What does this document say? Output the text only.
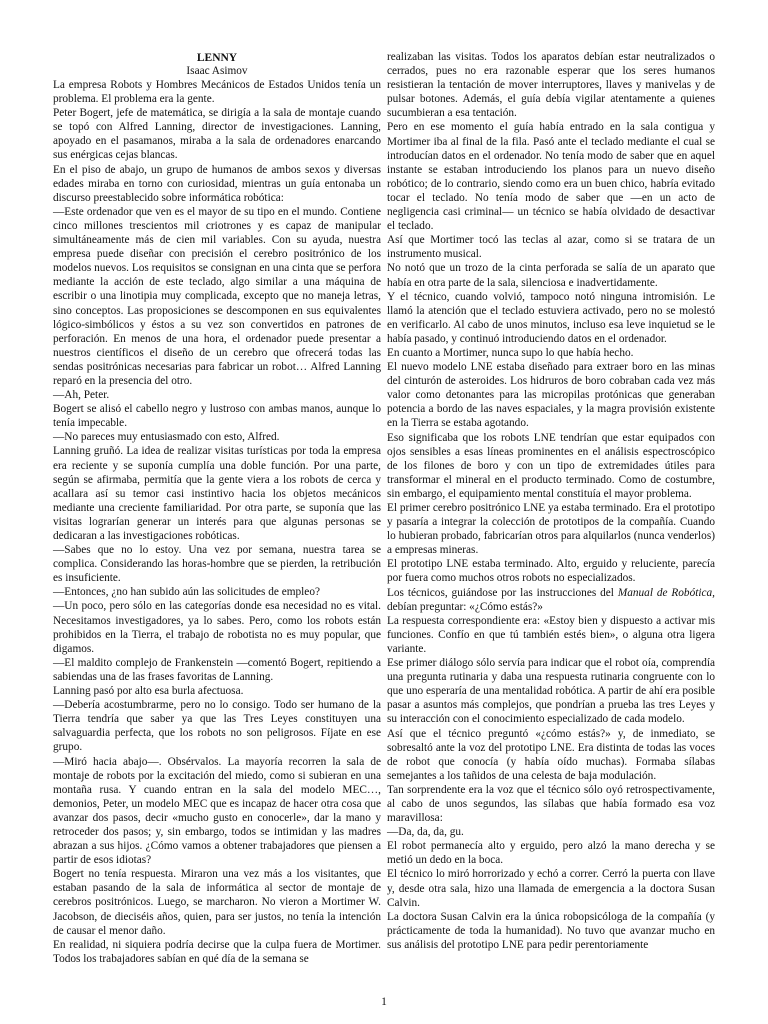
LENNY

Isaac Asimov

La empresa Robots y Hombres Mecánicos de Estados Unidos tenía un problema. El problema era la gente.

Peter Bogert, jefe de matemática, se dirigía a la sala de montaje cuando se topó con Alfred Lanning, director de investigaciones. Lanning, apoyado en el pasamanos, miraba a la sala de ordenadores enarcando sus enérgicas cejas blancas.

En el piso de abajo, un grupo de humanos de ambos sexos y diversas edades miraba en torno con curiosidad, mientras un guía entonaba un discurso preestablecido sobre informática robótica:

—Este ordenador que ven es el mayor de su tipo en el mundo. Contiene cinco millones trescientos mil criotrones y es capaz de manipular simultáneamente más de cien mil variables. Con su ayuda, nuestra empresa puede diseñar con precisión el cerebro positrónico de los modelos nuevos. Los requisitos se consignan en una cinta que se perfora mediante la acción de este teclado, algo similar a una máquina de escribir o una linotipia muy complicada, excepto que no maneja letras, sino conceptos. Las proposiciones se descomponen en sus equivalentes lógico-simbólicos y éstos a su vez son convertidos en patrones de perforación. En menos de una hora, el ordenador puede presentar a nuestros científicos el diseño de un cerebro que ofrecerá todas las sendas positrónicas necesarias para fabricar un robot… Alfred Lanning reparó en la presencia del otro.

—Ah, Peter.

Bogert se alisó el cabello negro y lustroso con ambas manos, aunque lo tenía impecable.

—No pareces muy entusiasmado con esto, Alfred.

Lanning gruñó. La idea de realizar visitas turísticas por toda la empresa era reciente y se suponía cumplía una doble función. Por una parte, según se afirmaba, permitía que la gente viera a los robots de cerca y acallara así su temor casi instintivo hacia los objetos mecánicos mediante una creciente familiaridad. Por otra parte, se suponía que las visitas lograrían generar un interés para que algunas personas se dedicaran a las investigaciones robóticas.

—Sabes que no lo estoy. Una vez por semana, nuestra tarea se complica. Considerando las horas-hombre que se pierden, la retribución es insuficiente.

—Entonces, ¿no han subido aún las solicitudes de empleo?

—Un poco, pero sólo en las categorías donde esa necesidad no es vital. Necesitamos investigadores, ya lo sabes. Pero, como los robots están prohibidos en la Tierra, el trabajo de robotista no es muy popular, que digamos.

—El maldito complejo de Frankenstein —comentó Bogert, repitiendo a sabiendas una de las frases favoritas de Lanning.

Lanning pasó por alto esa burla afectuosa.

—Debería acostumbrarme, pero no lo consigo. Todo ser humano de la Tierra tendría que saber ya que las Tres Leyes constituyen una salvaguardia perfecta, que los robots no son peligrosos. Fíjate en ese grupo.

—Miró hacia abajo—. Obsérvalos. La mayoría recorren la sala de montaje de robots por la excitación del miedo, como si subieran en una montaña rusa. Y cuando entran en la sala del modelo MEC…, demonios, Peter, un modelo MEC que es incapaz de hacer otra cosa que avanzar dos pasos, decir «mucho gusto en conocerle», dar la mano y retroceder dos pasos; y, sin embargo, todos se intimidan y las madres abrazan a sus hijos. ¿Cómo vamos a obtener trabajadores que piensen a partir de esos idiotas?

Bogert no tenía respuesta. Miraron una vez más a los visitantes, que estaban pasando de la sala de informática al sector de montaje de cerebros positrónicos. Luego, se marcharon. No vieron a Mortimer W. Jacobson, de dieciséis años, quien, para ser justos, no tenía la intención de causar el menor daño.

En realidad, ni siquiera podría decirse que la culpa fuera de Mortimer. Todos los trabajadores sabían en qué día de la semana se

realizaban las visitas. Todos los aparatos debían estar neutralizados o cerrados, pues no era razonable esperar que los seres humanos resistieran la tentación de mover interruptores, llaves y manivelas y de pulsar botones. Además, el guía debía vigilar atentamente a quienes sucumbieran a esa tentación.

Pero en ese momento el guía había entrado en la sala contigua y Mortimer iba al final de la fila. Pasó ante el teclado mediante el cual se introducían datos en el ordenador. No tenía modo de saber que en aquel instante se estaban introduciendo los planos para un nuevo diseño robótico; de lo contrario, siendo como era un buen chico, habría evitado tocar el teclado. No tenía modo de saber que —en un acto de negligencia casi criminal— un técnico se había olvidado de desactivar el teclado.

Así que Mortimer tocó las teclas al azar, como si se tratara de un instrumento musical.

No notó que un trozo de la cinta perforada se salía de un aparato que había en otra parte de la sala, silenciosa e inadvertidamente.

Y el técnico, cuando volvió, tampoco notó ninguna intromisión. Le llamó la atención que el teclado estuviera activado, pero no se molestó en verificarlo. Al cabo de unos minutos, incluso esa leve inquietud se le había pasado, y continuó introduciendo datos en el ordenador.

En cuanto a Mortimer, nunca supo lo que había hecho.

El nuevo modelo LNE estaba diseñado para extraer boro en las minas del cinturón de asteroides. Los hidruros de boro cobraban cada vez más valor como detonantes para las micropilas protónicas que generaban potencia a bordo de las naves espaciales, y la magra provisión existente en la Tierra se estaba agotando.

Eso significaba que los robots LNE tendrían que estar equipados con ojos sensibles a esas líneas prominentes en el análisis espectroscópico de los filones de boro y con un tipo de extremidades útiles para transformar el mineral en el producto terminado. Como de costumbre, sin embargo, el equipamiento mental constituía el mayor problema.

El primer cerebro positrónico LNE ya estaba terminado. Era el prototipo y pasaría a integrar la colección de prototipos de la compañía. Cuando lo hubieran probado, fabricarían otros para alquilarlos (nunca venderlos) a empresas mineras.

El prototipo LNE estaba terminado. Alto, erguido y reluciente, parecía por fuera como muchos otros robots no especializados.

Los técnicos, guiándose por las instrucciones del Manual de Robótica, debían preguntar: «¿Cómo estás?»

La respuesta correspondiente era: «Estoy bien y dispuesto a activar mis funciones. Confío en que tú también estés bien», o alguna otra ligera variante.

Ese primer diálogo sólo servía para indicar que el robot oía, comprendía una pregunta rutinaria y daba una respuesta rutinaria congruente con lo que uno esperaría de una mentalidad robótica. A partir de ahí era posible pasar a asuntos más complejos, que pondrían a prueba las tres Leyes y su interacción con el conocimiento especializado de cada modelo.

Así que el técnico preguntó «¿cómo estás?» y, de inmediato, se sobresaltó ante la voz del prototipo LNE. Era distinta de todas las voces de robot que conocía (y había oído muchas). Formaba sílabas semejantes a los tañidos de una celesta de baja modulación.

Tan sorprendente era la voz que el técnico sólo oyó retrospectivamente, al cabo de unos segundos, las sílabas que había formado esa voz maravillosa:

—Da, da, da, gu.

El robot permanecía alto y erguido, pero alzó la mano derecha y se metió un dedo en la boca.

El técnico lo miró horrorizado y echó a correr. Cerró la puerta con llave y, desde otra sala, hizo una llamada de emergencia a la doctora Susan Calvin.

La doctora Susan Calvin era la única robopsicóloga de la compañía (y prácticamente de toda la humanidad). No tuvo que avanzar mucho en sus análisis del prototipo LNE para pedir perentoriamente

1
